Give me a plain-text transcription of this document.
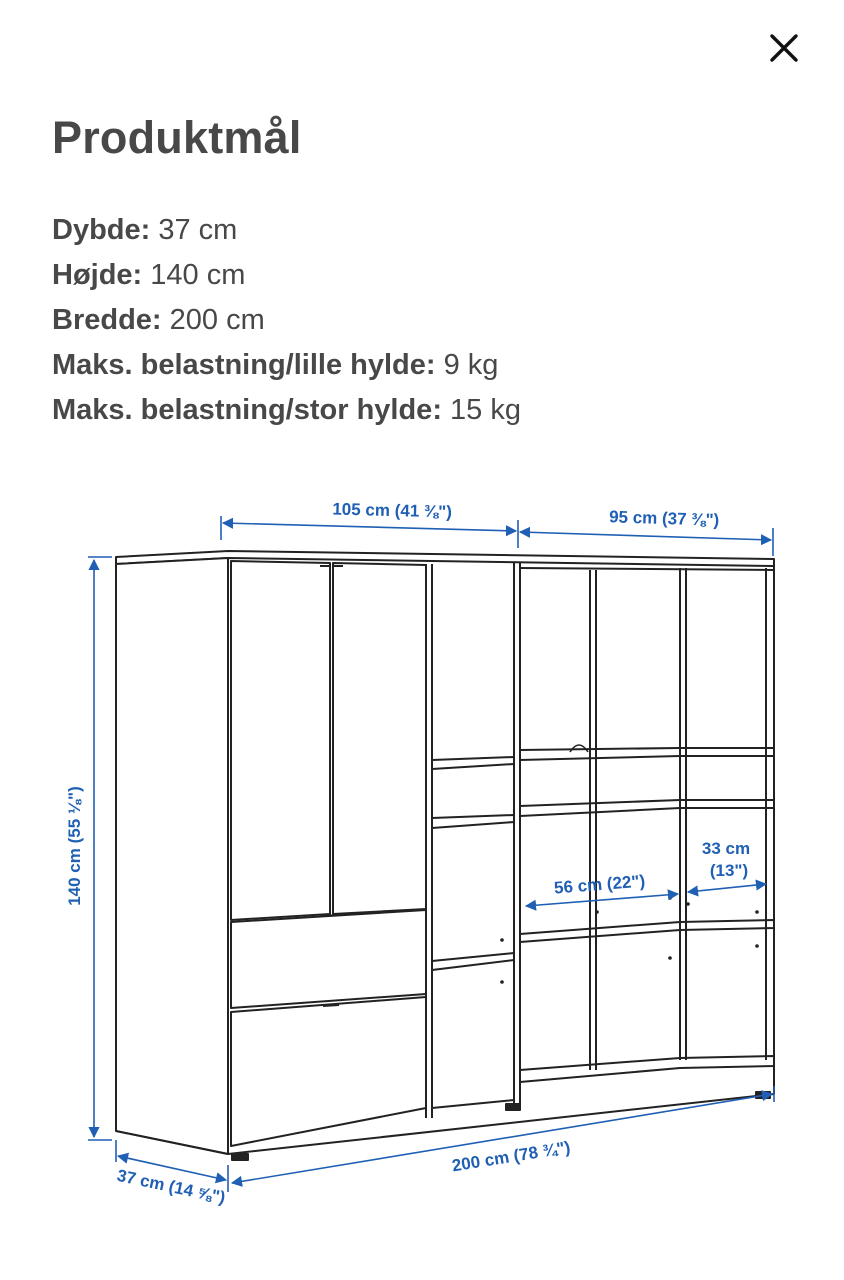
Produktmål
Dybde: 37 cm
Højde: 140 cm
Bredde: 200 cm
Maks. belastning/lille hylde: 9 kg
Maks. belastning/stor hylde: 15 kg
105 cm (41 ⅜")	95 cm (37 ⅜")
140 cm (55 ⅛")
37 cm (14 ⅝")
200 cm (78 ¾")
56 cm (22")
33 cm
(13")
